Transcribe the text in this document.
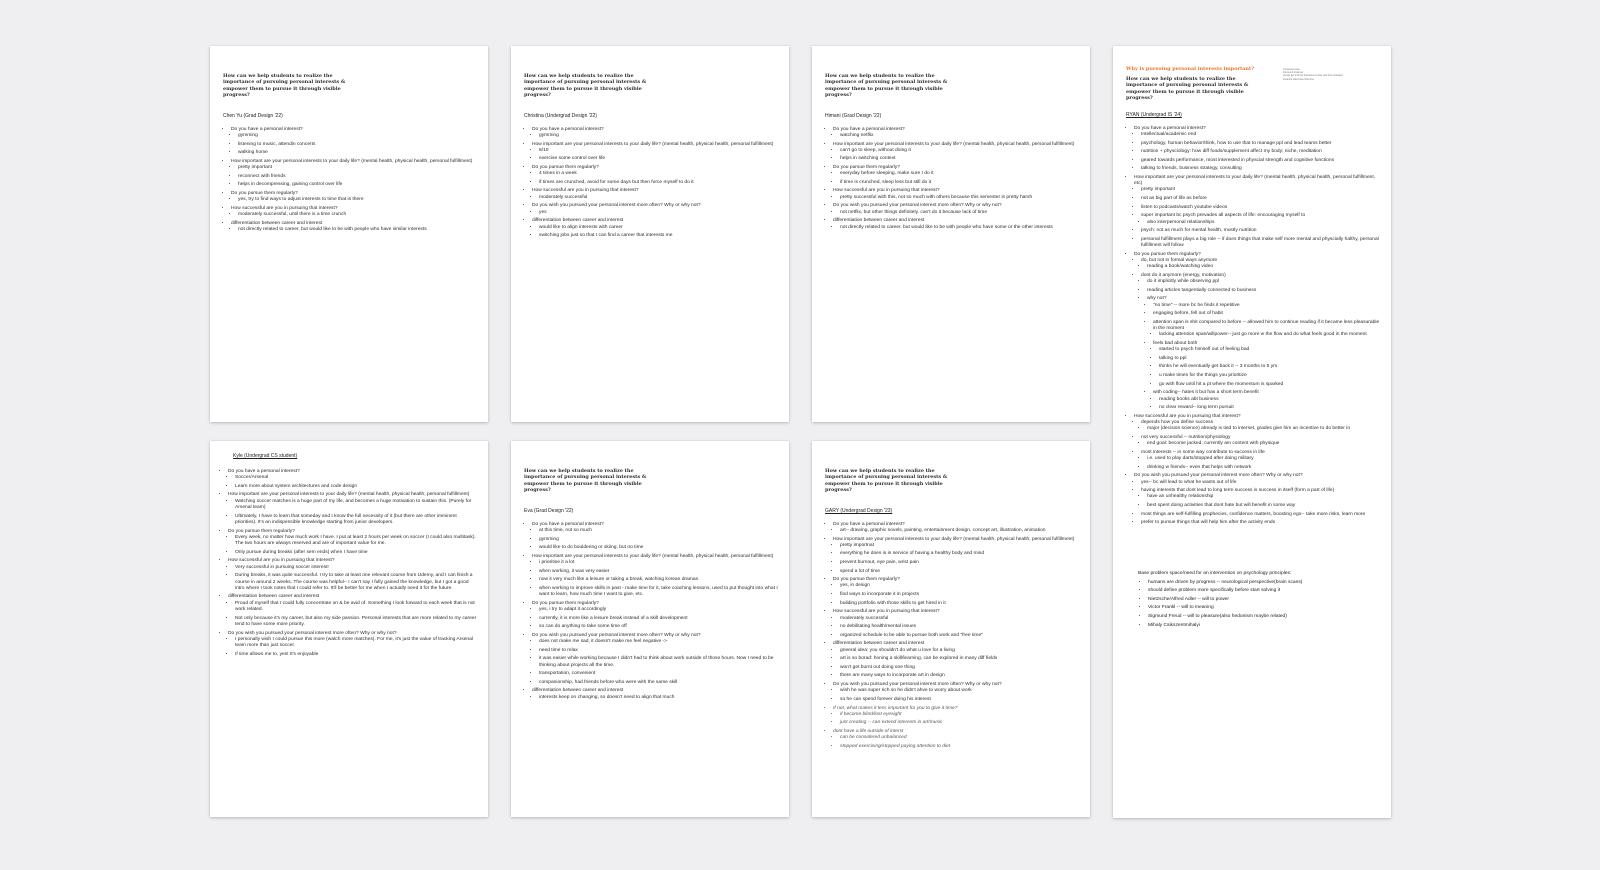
How can we help students to realize the importance of pursuing personal interests & empower them to pursue it through visible progress?
Chen Yu (Grad Design '22)
• Do you have a personal interest?
• gymming
• listening to music, attendin concerts
• walking home
• How important are your personal interests to your daily life? (mental health, physical health, personal fulfillment)
• pretty important
• reconnect with friends
• helps in decompressing, gaining control over life
• Do you pursue them regularly?
• yes, try to find ways to adjust interests to time that is there
• How successful are you in pursuing that interest?
• moderately successful, until there is a time crunch
• differentiation between career and interest
• not directly related to career, but would like to be with people who have similar interests
How can we help students to realize the importance of pursuing personal interests & empower them to pursue it through visible progress?
Christina (Undergrad Design '22)
• Do you have a personal interest?
• gymming
• How important are your personal interests to your daily life? (mental health, physical health, personal fulfillment)
• 8/10
• exercise some control over life
• Do you pursue them regularly?
• 4 times in a week
• if times are crunched, avoid for some days but then force myself to do it
• How successful are you in pursuing that interest?
• moderately successful
• Do you wish you pursued your personal interest more often? Why or why not?
• yes
• differentiation between career and interest
• would like to align interests with career
• switching jobs just so that I can find a career that interests me
How can we help students to realize the importance of pursuing personal interests & empower them to pursue it through visible progress?
Himani (Grad Design '22)
• Do you have a personal interest?
• watching netflix
• How important are your personal interests to your daily life? (mental health, physical health, personal fulfillment)
• can't go to sleep, without doing it
• helps in switching context
• Do you pursue them regularly?
• everyday before sleeping, make sure I do it
• if time is crunched, sleep less but still do it
• How successful are you in pursuing that interest?
• pretty successful with this, not so much with others because this semester is pretty harsh
• Do you wish you pursued your personal interest more often? Why or why not?
• not netflix, but other things definitely. can't do it because lack of time
• differentiation between career and interest
• not directly related to career, but would like to be with people who have some or the other interests
Why is pursuing personal interests important?	Unnamed notes
Interest & progress
people get to know themselves better and feel motivated
students often have little time
How can we help students to realize the importance of pursuing personal interests & empower them to pursue it through visible progress?
RYAN (Undergrad IS '24)
• Do you have a personal interest?
• Intellectual/academic end
• psychology, human behavior/think, how to use that to manage ppl and lead teams better
• nutrition + physciology: how diff foods/supplement affect my body; niche, meditation
• geared towards performance, most interested in physcial strength and cognitive functions
• talking to friends, business strategy, consulting
• How important are your personal interests to your daily life? (mental health, physical health, personal fulfillment, etc)
• pretty important
• not as big part of life as before
• listen to podcasts/watch youtube videos
• super important bc psych prevades all aspects of life: encouraging myself to
• also interpersonal relationships
• psych: not as much for mental health, mostly nutrition
• personal fulfillment plays a big role -- if does things that make self more mental and physcially halthy, personal fulfillment will follow
• Do you pursue them regularly?
• do, but not in formal ways anymore
• reading a book/watching video
• dont do it anymore (energy, motivation)
• do it implicitly while observing ppl
• reading articles tangentially connected to business
• why not?
• "no time" -- more bc he finds it repetitive
• engaging before, fell out of habit
• attention span is shit compared to before -- allowed him to continue reading if it became less pleasurable in the moment
• lacking attention span/willpower-- just go more w the flow and do what feels good in the moment
• feels bad about both
• started to psych himself out of feeling bad
• talking to ppl
• thinks he will eventually get back it -- 3 months to 5 yrs
• u make times for the things you prioritize
• go with flow until hit a pt where the momentum is sparked
• with coding-- hates it but has a short term benefit
• reading books abt business
• no clear reward-- long term pursuit
• How successful are you in pursuing that interest?
• depends how you define success
• major (decision science) already is tied to interset, grades give him an incentive to do better in
• not very successful -- nutrition/physiology
• end goal: become jacked, currently am content with physique
• most interests -- in some way contribute to success in life
• i.e. used to play darts/stopped after doing military
• drinking w friends-- even that helps with network
• Do you wish you pursued your personal interest more often? Why or why not?
• yes-- bc will lead to what he wants out of life
• having interests that dont lead to long term success is success in itself (form a part of life)
• have an unhealthy relationship
• best spent doing activities that dont hate but will benefit in some way
• most things are self-fulfilling prophecies, confidence matters, boosting ego-- take more risks, learn more
• prefer to pursue things that will help him after the activity ends
Base problem space/need for an intervention on psychology principles:
• humans are driven by progress -- neurological perspective(brain scans)
• should define problem more specifically before start solving it
• Nietzsche/Alfred Adler -- will to power
• Victor Frankl -- will to meaning
• Sigmund Freud -- will to pleasure(also hedonism maybe related)
• Mihaly Csikszentmihalyi
Kyle (Undergrad CS student)
• Do you have a personal interest?
• Soccer/Arsenal
• Learn more about system architectures and code design
• How important are your personal interests to your daily life? (mental health, physical health, personal fulfillment)
• Watching soccer matches is a huge part of my life, and becomes a huge motivation to sustain this. (Purely for Arsenal team)
• Ultimately, I have to learn that someday and I know the full necessity of it (but there are other imminent priorities). It's an indispensible knowledge starting from junior developers.
• Do you pursue them regularly?
• Every week, no matter how much work I have. I put at least 2 hours per week on soccer (I could also multitask). The two hours are always reserved and are of important value for me.
• Only pursue during breaks (after sem ends) when I have time
• How successful are you in pursuing that interest?
• Very successful in pursuing soccer interest!
• During breaks, it was quite successful. I try to take at least one relevant course from Udemy, and I can finish a course in around 2 weeks. The course was helpful-- I can't say I fully gained the knowledge, but I got a good intro where I took notes that I could refer to. It'll be better for me when I actually need it for the future.
• differentiation between career and interest
• Proud of myself that I could fully concentrate on & be avid of. Something I look forward to each week that is not work related.
• Not only because it's my career, but also my side passion. Personal interests that are more related to my career tend to have some more priority.
• Do you wish you pursued your personal interest more often? Why or why not?
• I personally wish I could pursue this more (watch more matches). For me, it's just the value of tracking Arsenal team more than just soccer.
• If time allows me to, yes! It's enjoyable
How can we help students to realize the importance of pursuing personal interests & empower them to pursue it through visible progress?
Eva (Grad Design '22)
• Do you have a personal interest?
• at this time, not so much
• gymming
• would like to do bouldering or skiing, but no time
• How important are your personal interests to your daily life? (mental health, physical health, personal fulfillment)
• i prioritise it a lot
• when working, it was very easier
• now it very much like a leisure or taking a break, watching korean dramas
• when working to improve skills in past - make time for it, take coaching lessons, used to put thought into what I want to learn, how much time I want to give, etc.
• Do you pursue them regularly?
• yes, i try to adapt it accordingly
• currently, it is more like a leisure break instead of a skill development
• so can do anything to take some time off
• Do you wish you pursued your personal interest more often? Why or why not?
• does not make me sad, it doesn't make me feel negative ->
• need time to relax
• it was easier while working because I didn't had to think about work outside of those hours. Now I need to be thinking about projects all the time.
• transportation, convenient
• companionship, had friends before who were with the same skill
• differentiation between career and interest
• interests keep on changing, so doesn't need to align that much
How can we help students to realize the importance of pursuing personal interests & empower them to pursue it through visible progress?
GARY (Undergrad Design '23)
• Do you have a personal interest?
• art-- drawing, graphic novels, painting, entertainment design, concept art, illustration, animation
• How important are your personal interests to your daily life? (mental health, physical health, personal fulfillment)
• pretty importnat
• everything he does is in service of having a healthy body and mind
• prevent burnout, eye pain, wrist pain
• spend a lot of time
• Do you pursue them regularly?
• yes, in design
• find ways to incorporate it in projects
• building portfolio with those skills to get hired in it
• How successful are you in pursuing that interest?
• moderately successful
• no debilitating health/mental issues
• organized schedule to be able to pursue both work and "free time"
• differentiation between career and interest
• gneeral idea: you shouldn't do what u love for a living
• art is so borad: honing a skill/learning, can be explored in many diff fields
• won't get burnt out doing one thing
• there are many ways to incorporate art in design
• Do you wish you pursued your personal interest more often? Why or why not?
• wish he was super rich so he didn't ahve to worry about work
• so he can spend forever doing his interest
• If not, what makes it less important for you to give it time?
• if become blind/lost eyesight
• just creating -- can extend interests in art/music
• dont have a life outside of interst
• can be considered unbalanced
• stopped exercising/stopped paying attention to diet
